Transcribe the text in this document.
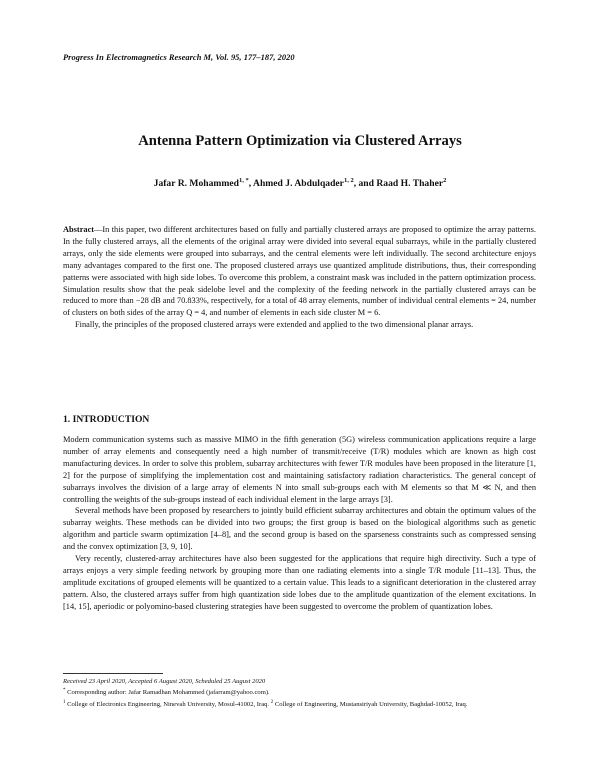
Progress In Electromagnetics Research M, Vol. 95, 177–187, 2020
Antenna Pattern Optimization via Clustered Arrays
Jafar R. Mohammed$^{1, *}$, Ahmed J. Abdulqader$^{1, 2}$, and Raad H. Thaher$^2$

Abstract—In this paper, two different architectures based on fully and partially clustered arrays are proposed to optimize the array patterns. In the fully clustered arrays, all the elements of the original array were divided into several equal subarrays, while in the partially clustered arrays, only the side elements were grouped into subarrays, and the central elements were left individually. The second architecture enjoys many advantages compared to the first one. The proposed clustered arrays use quantized amplitude distributions, thus, their corresponding patterns were associated with high side lobes. To overcome this problem, a constraint mask was included in the pattern optimization process. Simulation results show that the peak sidelobe level and the complexity of the feeding network in the partially clustered arrays can be reduced to more than −28 dB and 70.833%, respectively, for a total of 48 array elements, number of individual central elements = 24, number of clusters on both sides of the array Q = 4, and number of elements in each side cluster M = 6.

Finally, the principles of the proposed clustered arrays were extended and applied to the two dimensional planar arrays.

1. INTRODUCTION

Modern communication systems such as massive MIMO in the fifth generation (5G) wireless communication applications require a large number of array elements and consequently need a high number of transmit/receive (T/R) modules which are known as high cost manufacturing devices. In order to solve this problem, subarray architectures with fewer T/R modules have been proposed in the literature [1, 2] for the purpose of simplifying the implementation cost and maintaining satisfactory radiation characteristics. The general concept of subarrays involves the division of a large array of elements N into small sub-groups each with M elements so that M ≪ N, and then controlling the weights of the sub-groups instead of each individual element in the large arrays [3].

Several methods have been proposed by researchers to jointly build efficient subarray architectures and obtain the optimum values of the subarray weights. These methods can be divided into two groups; the first group is based on the biological algorithms such as genetic algorithm and particle swarm optimization [4–8], and the second group is based on the sparseness constraints such as compressed sensing and the convex optimization [3, 9, 10].

Very recently, clustered-array architectures have also been suggested for the applications that require high directivity. Such a type of arrays enjoys a very simple feeding network by grouping more than one radiating elements into a single T/R module [11–13]. Thus, the amplitude excitations of grouped elements will be quantized to a certain value. This leads to a significant deterioration in the clustered array pattern. Also, the clustered arrays suffer from high quantization side lobes due to the amplitude quantization of the element excitations. In [14, 15], aperiodic or polyomino-based clustering strategies have been suggested to overcome the problem of quantization lobes.

Received 23 April 2020, Accepted 6 August 2020, Scheduled 25 August 2020

* Corresponding author: Jafar Ramadhan Mohammed (jafarram@yahoo.com).

$^1$ College of Electronics Engineering, Ninevah University, Mosul-41002, Iraq. $^2$ College of Engineering, Mustansiriyah University, Baghdad-10052, Iraq.
